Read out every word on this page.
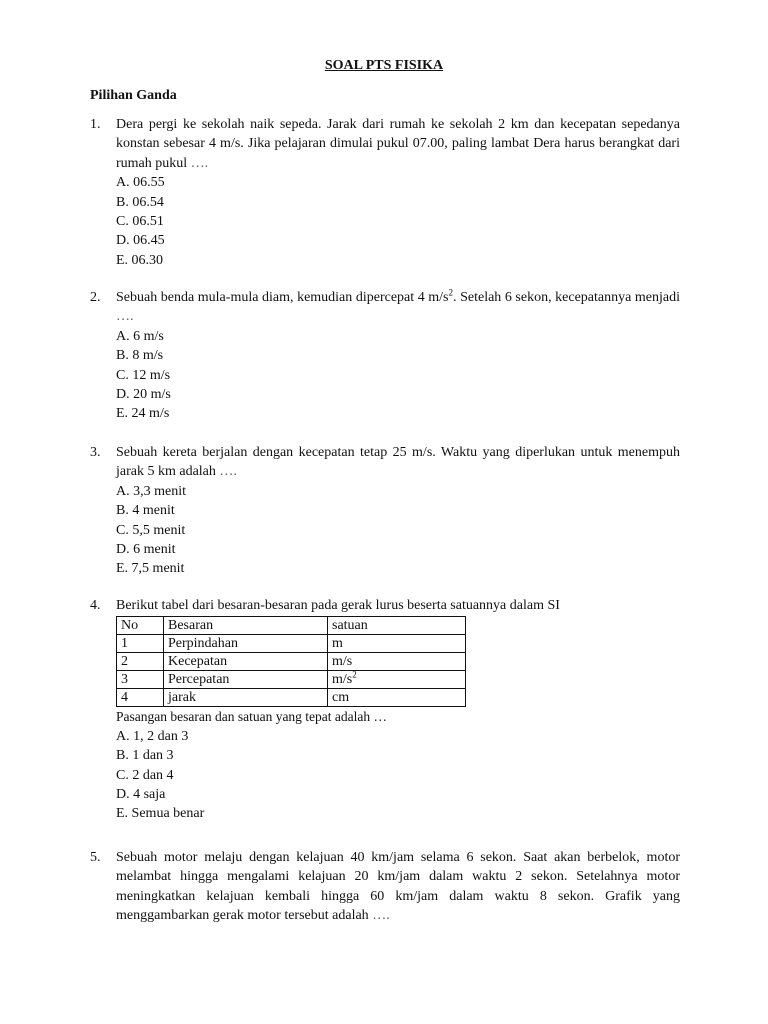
SOAL PTS FISIKA
Pilihan Ganda
1. Dera pergi ke sekolah naik sepeda. Jarak dari rumah ke sekolah 2 km dan kecepatan sepedanya konstan sebesar 4 m/s. Jika pelajaran dimulai pukul 07.00, paling lambat Dera harus berangkat dari rumah pukul ….
A. 06.55
B. 06.54
C. 06.51
D. 06.45
E. 06.30
2. Sebuah benda mula-mula diam, kemudian dipercepat 4 $m/s^2$. Setelah 6 sekon, kecepatannya menjadi ….
A. 6 m/s
B. 8 m/s
C. 12 m/s
D. 20 m/s
E. 24 m/s
3. Sebuah kereta berjalan dengan kecepatan tetap 25 m/s. Waktu yang diperlukan untuk menempuh jarak 5 km adalah ….
A. 3,3 menit
B. 4 menit
C. 5,5 menit
D. 6 menit
E. 7,5 menit
4. Berikut tabel dari besaran-besaran pada gerak lurus beserta satuannya dalam SI
No	Besaran	satuan
1	Perpindahan	m
2	Kecepatan	m/s
3	Percepatan	$m/s^2$
4	jarak	cm
Pasangan besaran dan satuan yang tepat adalah …
A. 1, 2 dan 3
B. 1 dan 3
C. 2 dan 4
D. 4 saja
E. Semua benar
5. Sebuah motor melaju dengan kelajuan 40 km/jam selama 6 sekon. Saat akan berbelok, motor melambat hingga mengalami kelajuan 20 km/jam dalam waktu 2 sekon. Setelahnya motor meningkatkan kelajuan kembali hingga 60 km/jam dalam waktu 8 sekon. Grafik yang menggambarkan gerak motor tersebut adalah ….
